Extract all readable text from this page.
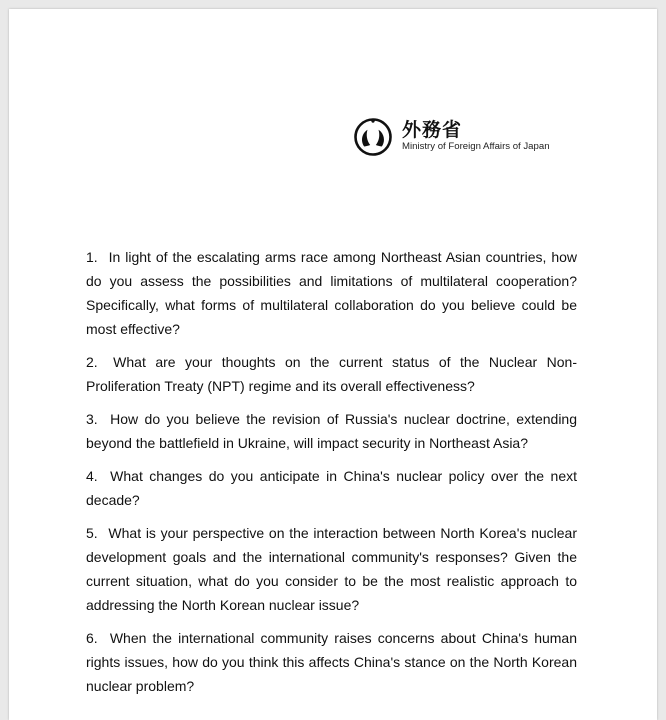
外務省
Ministry of Foreign Affairs of Japan

1. In light of the escalating arms race among Northeast Asian countries, how do you assess the possibilities and limitations of multilateral cooperation? Specifically, what forms of multilateral collaboration do you believe could be most effective?

2. What are your thoughts on the current status of the Nuclear Non-Proliferation Treaty (NPT) regime and its overall effectiveness?

3. How do you believe the revision of Russia's nuclear doctrine, extending beyond the battlefield in Ukraine, will impact security in Northeast Asia?

4. What changes do you anticipate in China's nuclear policy over the next decade?

5. What is your perspective on the interaction between North Korea's nuclear development goals and the international community's responses? Given the current situation, what do you consider to be the most realistic approach to addressing the North Korean nuclear issue?

6. When the international community raises concerns about China's human rights issues, how do you think this affects China's stance on the North Korean nuclear problem?
